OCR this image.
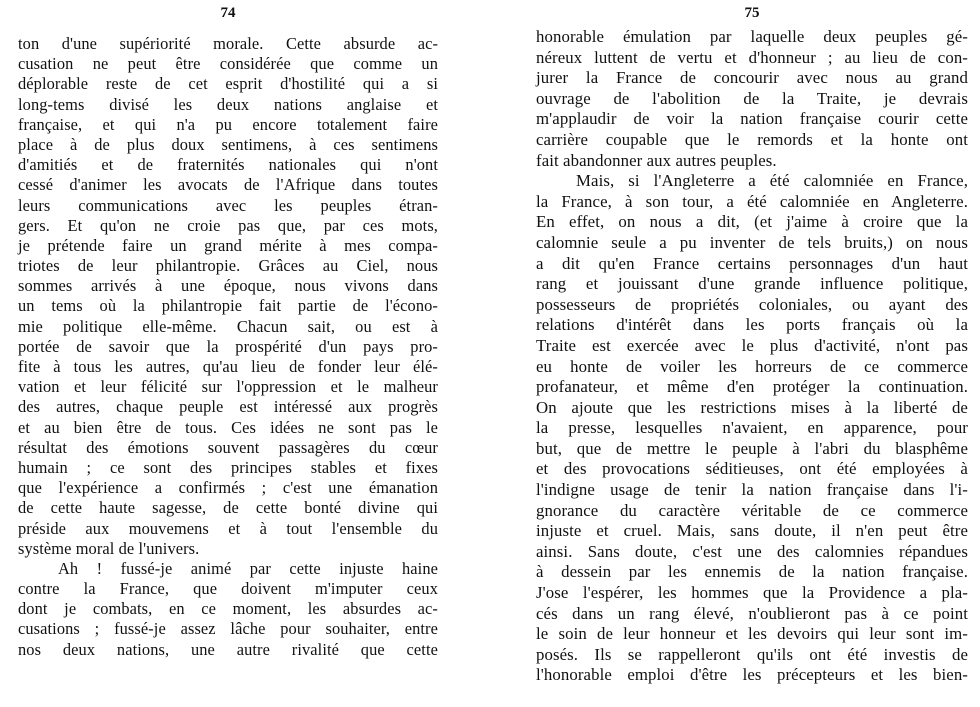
74
ton d'une supériorité morale. Cette absurde ac-
cusation ne peut être considérée que comme un
déplorable reste de cet esprit d'hostilité qui a si
long-tems divisé les deux nations anglaise et
française, et qui n'a pu encore totalement faire
place à de plus doux sentimens, à ces sentimens
d'amitiés et de fraternités nationales qui n'ont
cessé d'animer les avocats de l'Afrique dans toutes
leurs communications avec les peuples étran-
gers. Et qu'on ne croie pas que, par ces mots,
je prétende faire un grand mérite à mes compa-
triotes de leur philantropie. Grâces au Ciel, nous
sommes arrivés à une époque, nous vivons dans
un tems où la philantropie fait partie de l'écono-
mie politique elle-même. Chacun sait, ou est à
portée de savoir que la prospérité d'un pays pro-
fite à tous les autres, qu'au lieu de fonder leur élé-
vation et leur félicité sur l'oppression et le malheur
des autres, chaque peuple est intéressé aux progrès
et au bien être de tous. Ces idées ne sont pas le
résultat des émotions souvent passagères du cœur
humain ; ce sont des principes stables et fixes
que l'expérience a confirmés ; c'est une émanation
de cette haute sagesse, de cette bonté divine qui
préside aux mouvemens et à tout l'ensemble du
système moral de l'univers.
Ah ! fussé-je animé par cette injuste haine
contre la France, que doivent m'imputer ceux
dont je combats, en ce moment, les absurdes ac-
cusations ; fussé-je assez lâche pour souhaiter, entre
nos deux nations, une autre rivalité que cette
75
honorable émulation par laquelle deux peuples gé-
néreux luttent de vertu et d'honneur ; au lieu de con-
jurer la France de concourir avec nous au grand
ouvrage de l'abolition de la Traite, je devrais
m'applaudir de voir la nation française courir cette
carrière coupable que le remords et la honte ont
fait abandonner aux autres peuples.
Mais, si l'Angleterre a été calomniée en France,
la France, à son tour, a été calomniée en Angleterre.
En effet, on nous a dit, (et j'aime à croire que la
calomnie seule a pu inventer de tels bruits,) on nous
a dit qu'en France certains personnages d'un haut
rang et jouissant d'une grande influence politique,
possesseurs de propriétés coloniales, ou ayant des
relations d'intérêt dans les ports français où la
Traite est exercée avec le plus d'activité, n'ont pas
eu honte de voiler les horreurs de ce commerce
profanateur, et même d'en protéger la continuation.
On ajoute que les restrictions mises à la liberté de
la presse, lesquelles n'avaient, en apparence, pour
but, que de mettre le peuple à l'abri du blasphême
et des provocations séditieuses, ont été employées à
l'indigne usage de tenir la nation française dans l'i-
gnorance du caractère véritable de ce commerce
injuste et cruel. Mais, sans doute, il n'en peut être
ainsi. Sans doute, c'est une des calomnies répandues
à dessein par les ennemis de la nation française.
J'ose l'espérer, les hommes que la Providence a pla-
cés dans un rang élevé, n'oublieront pas à ce point
le soin de leur honneur et les devoirs qui leur sont im-
posés. Ils se rappelleront qu'ils ont été investis de
l'honorable emploi d'être les précepteurs et les bien-
